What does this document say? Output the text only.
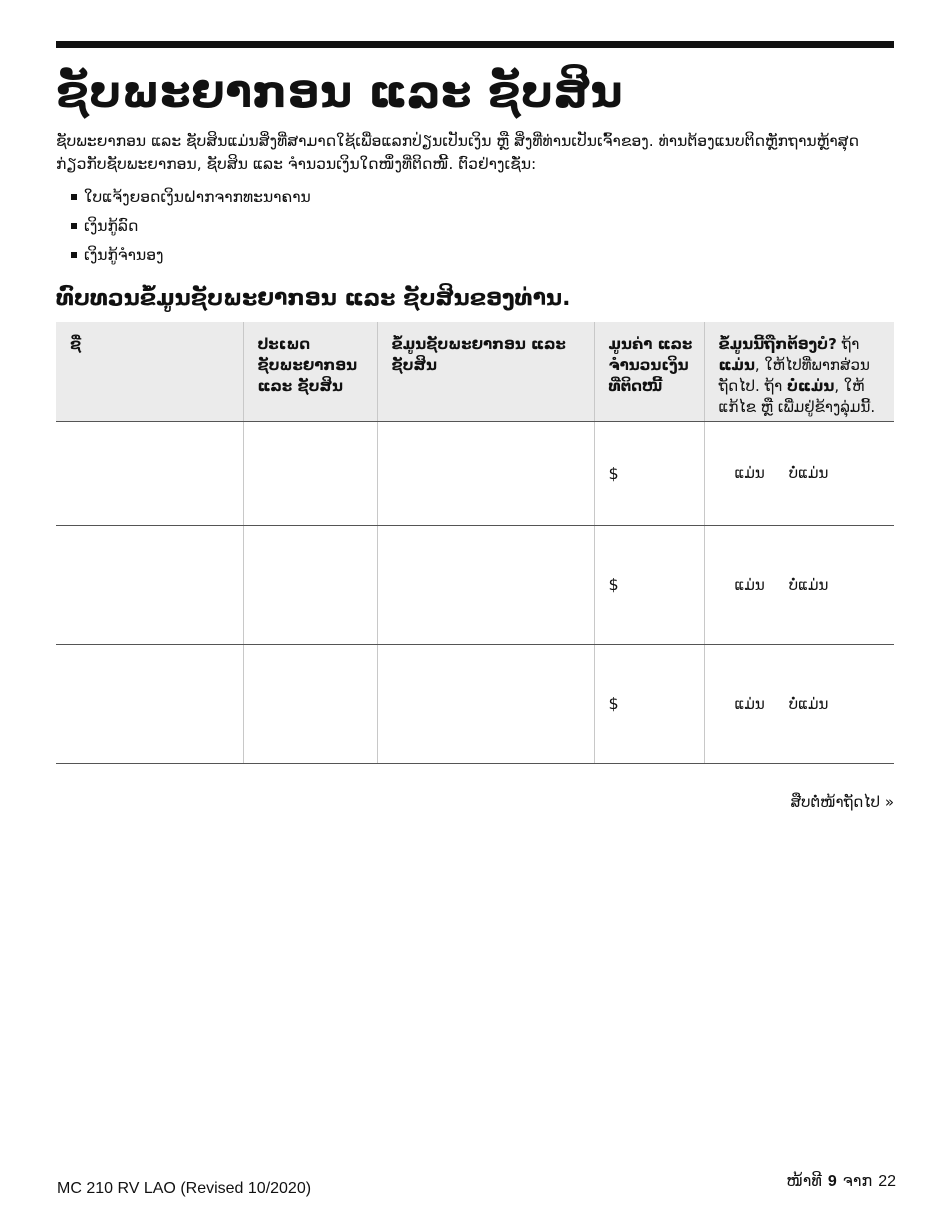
ຊັບພະຍາກອນ ແລະ ຊັບສິນ

ຊັບພະຍາກອນ ແລະ ຊັບສິນແມ່ນສິ່ງທີ່ສາມາດໃຊ້ເພື່ອແລກປ່ຽນເປັນເງິນ ຫຼື ສິ່ງທີ່ທ່ານເປັນເຈົ້າຂອງ. ທ່ານຕ້ອງແນບຕິດຫຼັກຖານຫຼ້າສຸດກ່ຽວກັບຊັບພະຍາກອນ, ຊັບສິນ ແລະ ຈຳນວນເງິນໃດໜຶ່ງທີ່ຕິດໜີ້. ຕົວຢ່າງເຊັ່ນ:

ໃບແຈ້ງຍອດເງິນຝາກຈາກທະນາຄານ
ເງິນກູ້ລົດ
ເງິນກູ້ຈຳນອງ
ທົບທວນຂໍ້ມູນຊັບພະຍາກອນ ແລະ ຊັບສິນຂອງທ່ານ.
ຊື່	ປະເພດ ຊັບພະຍາກອນ ແລະ ຊັບສິນ	ຂໍ້ມູນຊັບພະຍາກອນ ແລະ ຊັບສິນ	ມູນຄ່າ ແລະ ຈຳນວນເງິນທີ່ຕິດໜີ້	ຂໍ້ມູນນີ້ຖືກຕ້ອງບໍ? ຖ້າ ແມ່ນ, ໃຫ້ໄປທີ່ພາກສ່ວນຖັດໄປ. ຖ້າ ບໍ່ແມ່ນ, ໃຫ້ແກ້ໄຂ ຫຼື ເພີ່ມຢູ່ຂ້າງລຸ່ມນີ້.
			$	ແມ່ນ ບໍ່ແມ່ນ

			$	ແມ່ນ ບໍ່ແມ່ນ

			$	ແມ່ນ ບໍ່ແມ່ນ
ສືບຕໍ່ໜ້າຖັດໄປ »
MC 210 RV LAO (Revised 10/2020)	ໜ້າທີ 9 ຈາກ 22
